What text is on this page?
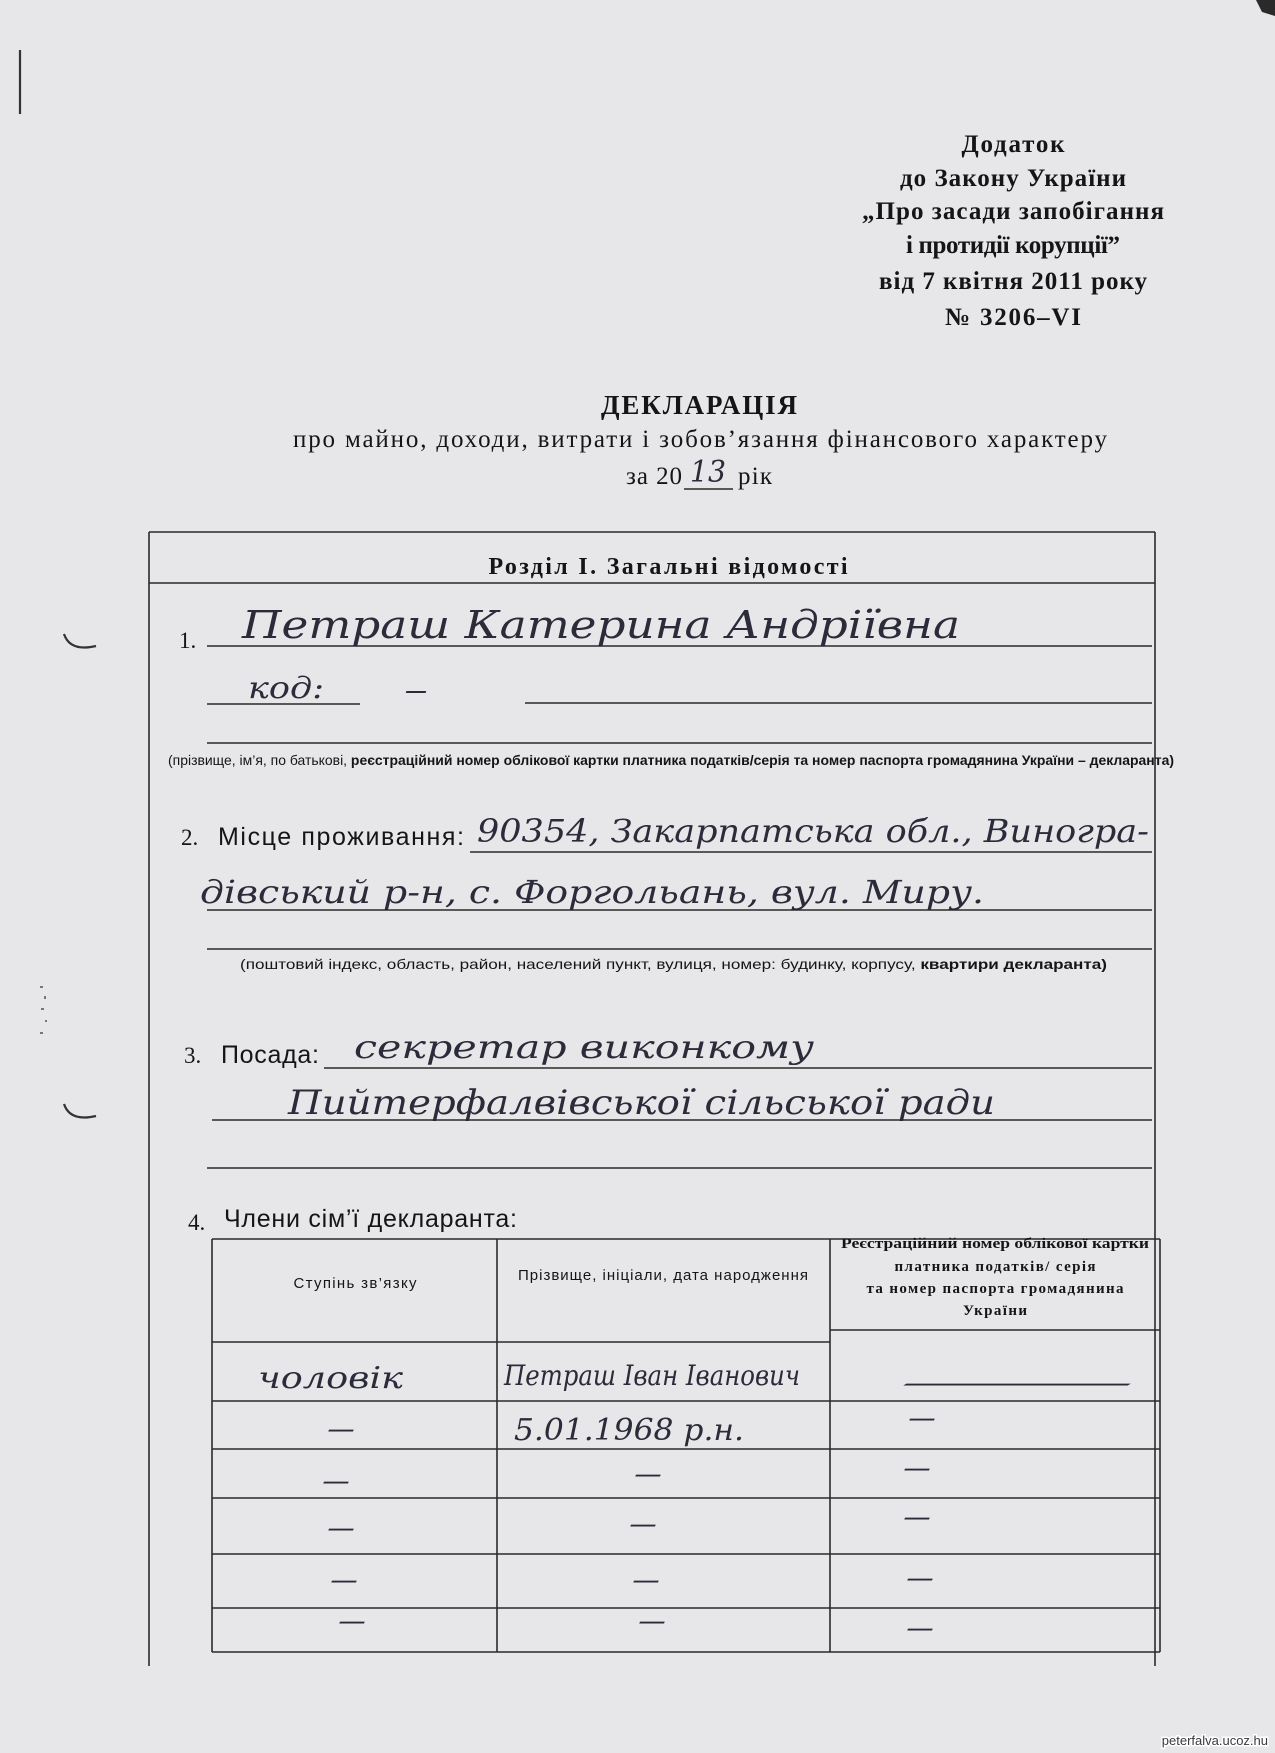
Додаток
до Закону України
„Про засади запобігання
і протидії корупції”
від 7 квітня 2011 року
№ 3206–VI
ДЕКЛАРАЦІЯ
про майно, доходи, витрати і зобов’язання фінансового характеру
за 20 13 рік
Розділ І. Загальні відомості
1. Петраш Катерина Андріївна
код:	–
(прізвище, ім’я, по батькові, реєстраційний номер облікової картки платника податків/серія та номер паспорта громадянина України – декларанта)
2. Місце проживання: 90354, Закарпатська обл., Виногра-
дівський р-н, с. Форгольань, вул. Миру.
(поштовий індекс, область, район, населений пункт, вулиця, номер: будинку, корпусу,	квартири декларанта)
3. Посада: секретар виконкому
Пийтерфалвівської сільської ради
4. Члени сім’ї декларанта:
Ступінь зв’язку	Прізвище, ініціали, дата народження
Реєстраційний номер облікової картки
платника податків/ серія
та номер паспорта громадянина
України
чоловік	Петраш Іван Іванович	—
–	5.01.1968 р.н.	–
–	–	–
–	–	–
–	–	–
–	–	–
peterfalva.ucoz.hu
